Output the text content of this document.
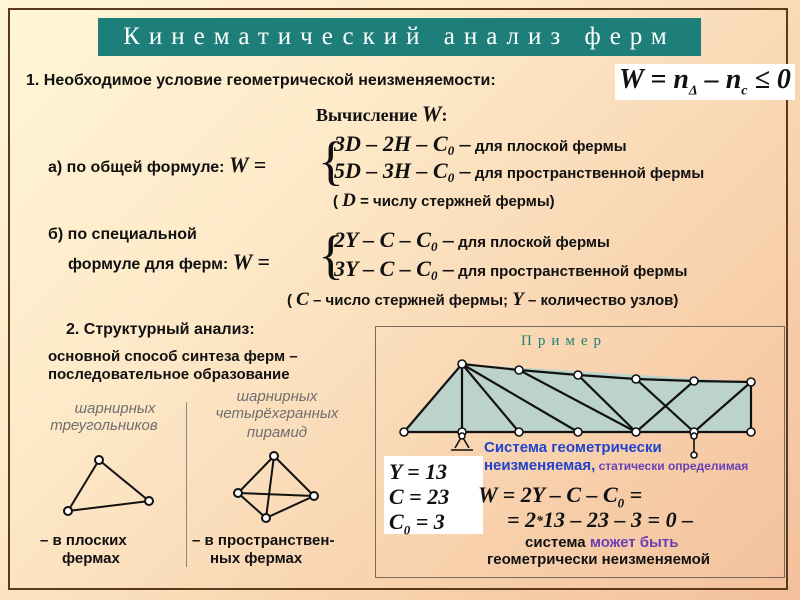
Кинематический анализ ферм
1. Необходимое условие геометрической неизменяемости:	$W = n_\Delta - n_c \le 0$
Вычисление W:
а) по общей формуле: W = {
$3D - 2H - C_0$ – для плоской фермы
$5D - 3H - C_0$ – для пространственной фермы
( D = числу стержней фермы)
б) по специальной
формуле для ферм: W = {
2Y – C – $C_0$ – для плоской фермы
3Y – C – $C_0$ – для пространственной фермы
( C – число стержней фермы; Y – количество узлов)
2. Структурный анализ:
основной способ синтеза ферм –
последовательное образование
шарнирных
треугольников
шарнирных
четырёхгранных
пирамид
– в плоских
фермах
– в пространствен-
ных фермах
Пример
Система геометрически
неизменяемая, статически определимая
Y = 13
C = 23
$C_0 = 3$
$W = 2Y - C - C_0$ =
= 2*13 – 23 – 3 = 0 –
система может быть
геометрически неизменяемой
